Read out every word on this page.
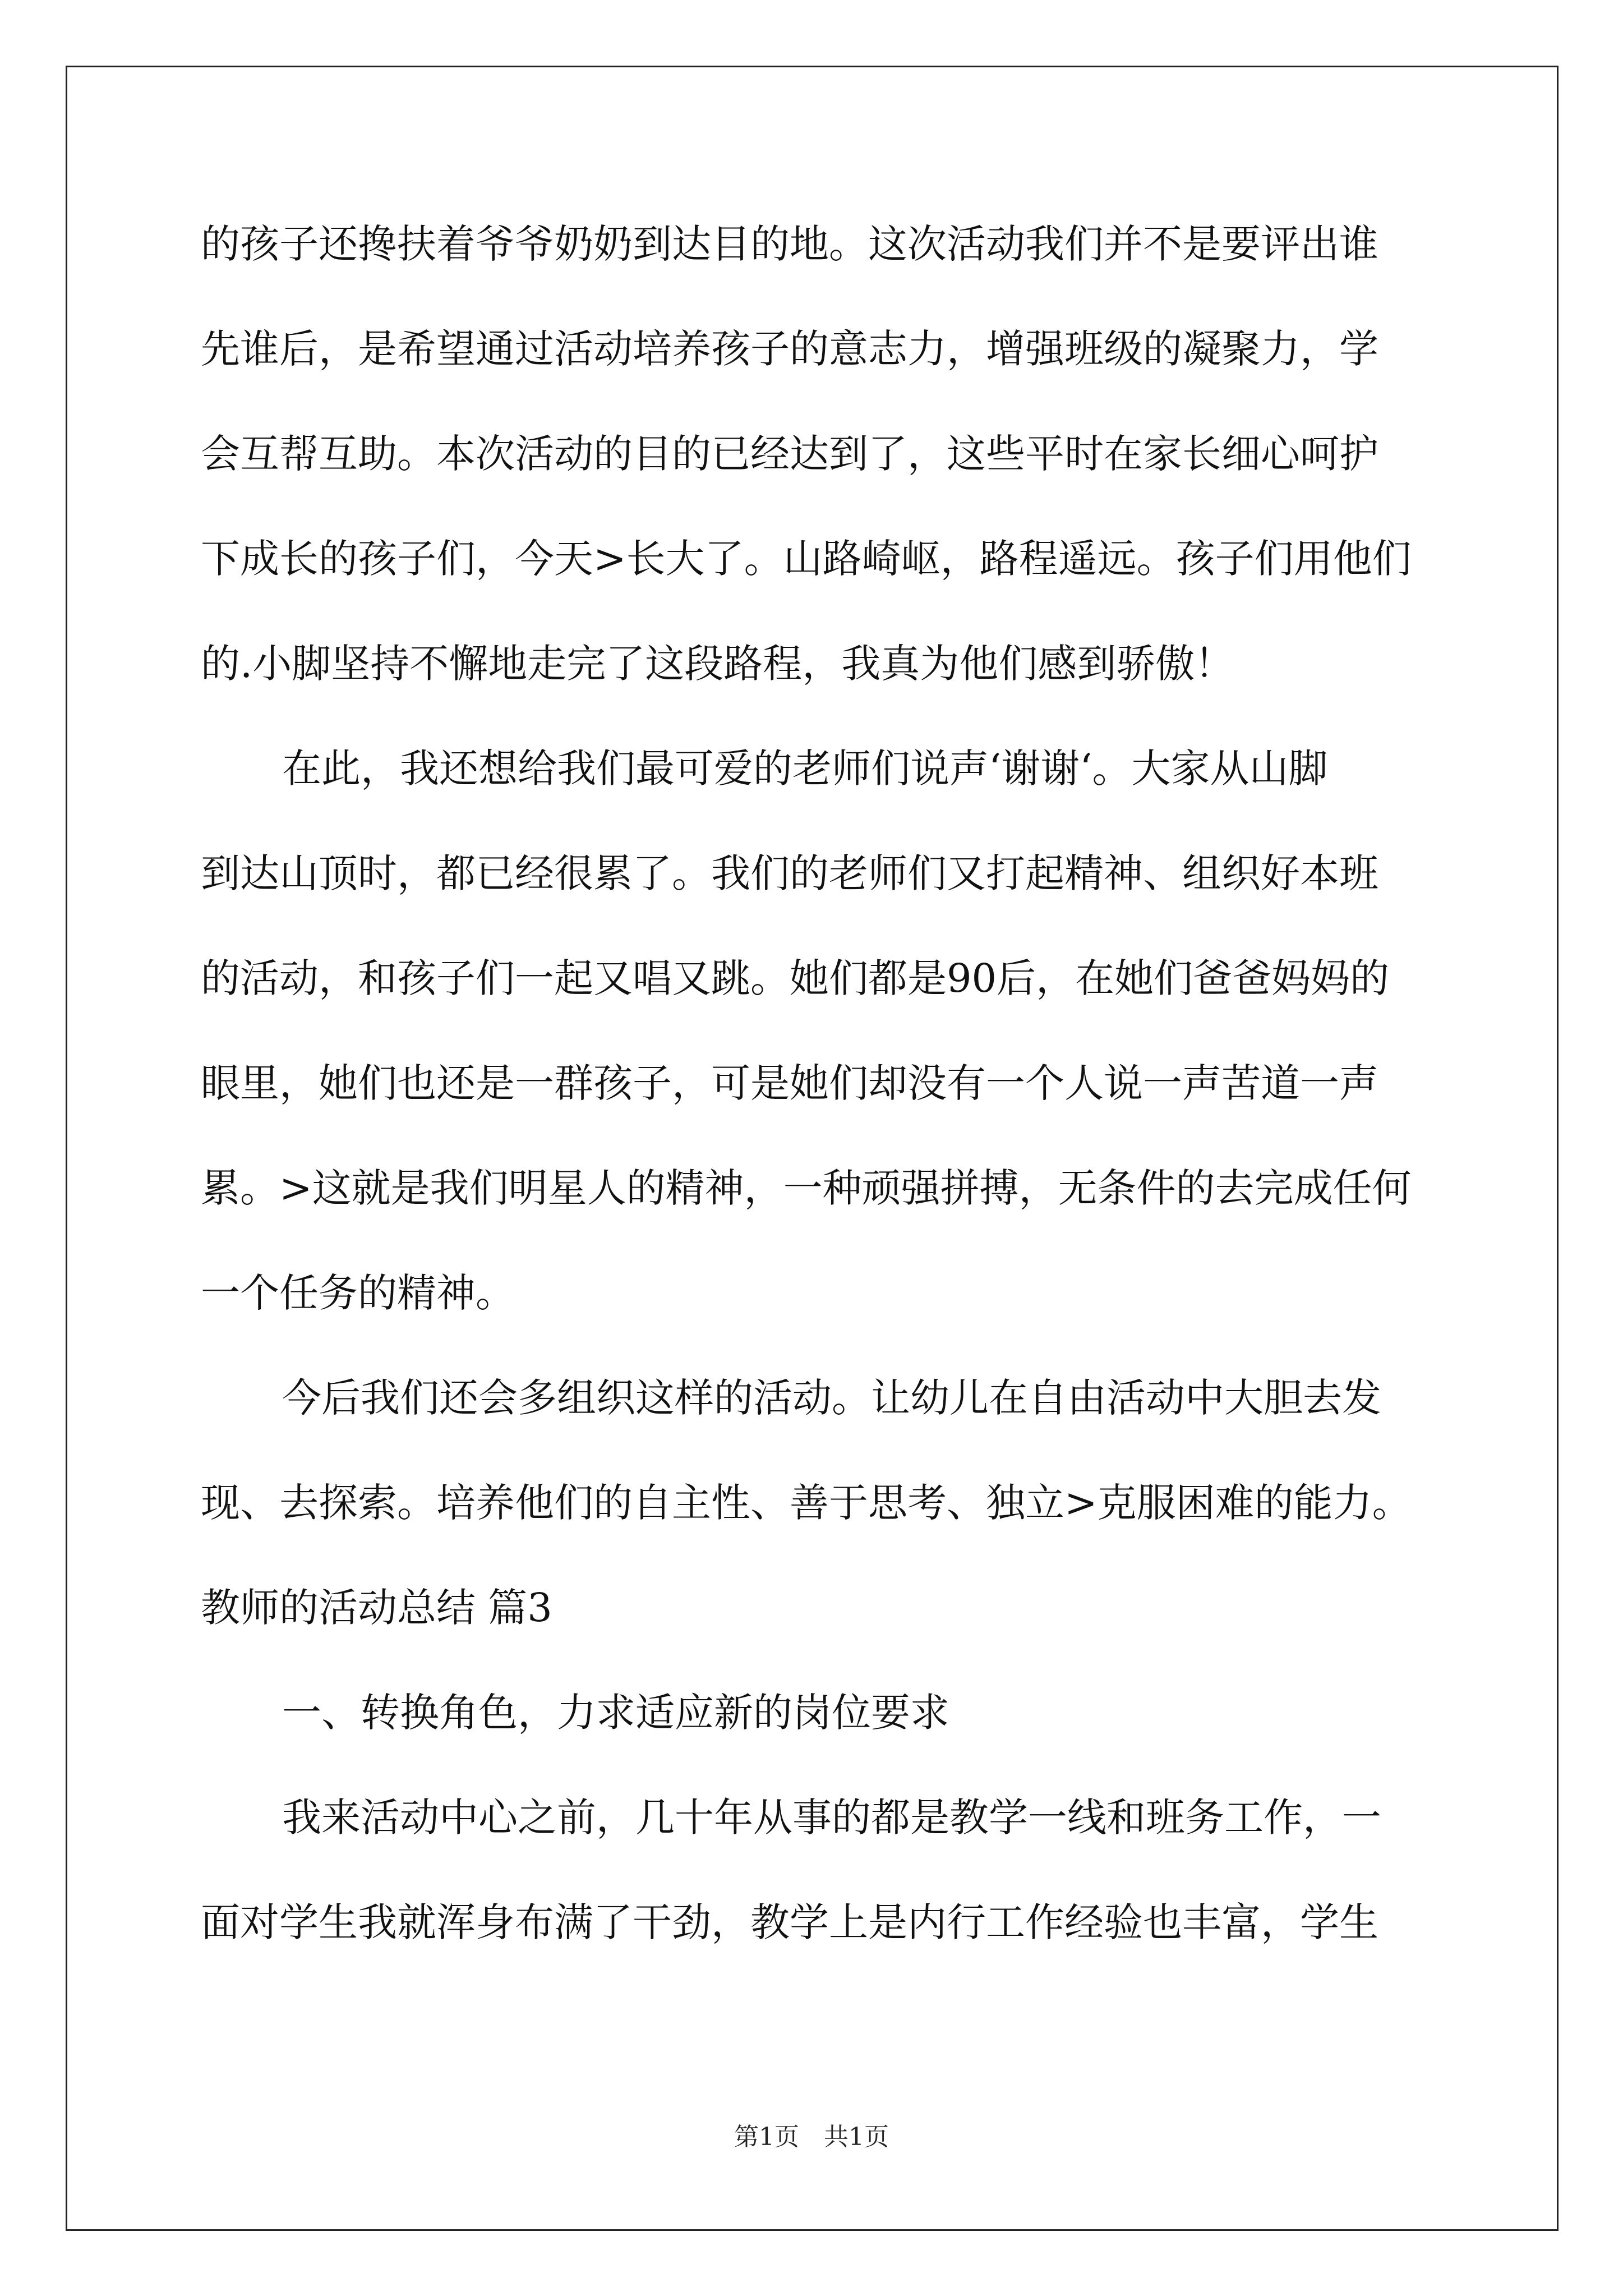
的孩子还搀扶着爷爷奶奶到达目的地。这次活动我们并不是要评出谁
先谁后，是希望通过活动培养孩子的意志力，增强班级的凝聚力，学
会互帮互助。本次活动的目的已经达到了，这些平时在家长细心呵护
下成长的孩子们，今天>长大了。山路崎岖，路程遥远。孩子们用他们
的.小脚坚持不懈地走完了这段路程，我真为他们感到骄傲！
在此，我还想给我们最可爱的老师们说声‘谢谢‘。大家从山脚
到达山顶时，都已经很累了。我们的老师们又打起精神、组织好本班
的活动，和孩子们一起又唱又跳。她们都是90后，在她们爸爸妈妈的
眼里，她们也还是一群孩子，可是她们却没有一个人说一声苦道一声
累。>这就是我们明星人的精神，一种顽强拼搏，无条件的去完成任何
一个任务的精神。
今后我们还会多组织这样的活动。让幼儿在自由活动中大胆去发
现、去探索。培养他们的自主性、善于思考、独立>克服困难的能力。
教师的活动总结 篇3
一、转换角色，力求适应新的岗位要求
我来活动中心之前，几十年从事的都是教学一线和班务工作，一
面对学生我就浑身布满了干劲，教学上是内行工作经验也丰富，学生
第1页　共1页
